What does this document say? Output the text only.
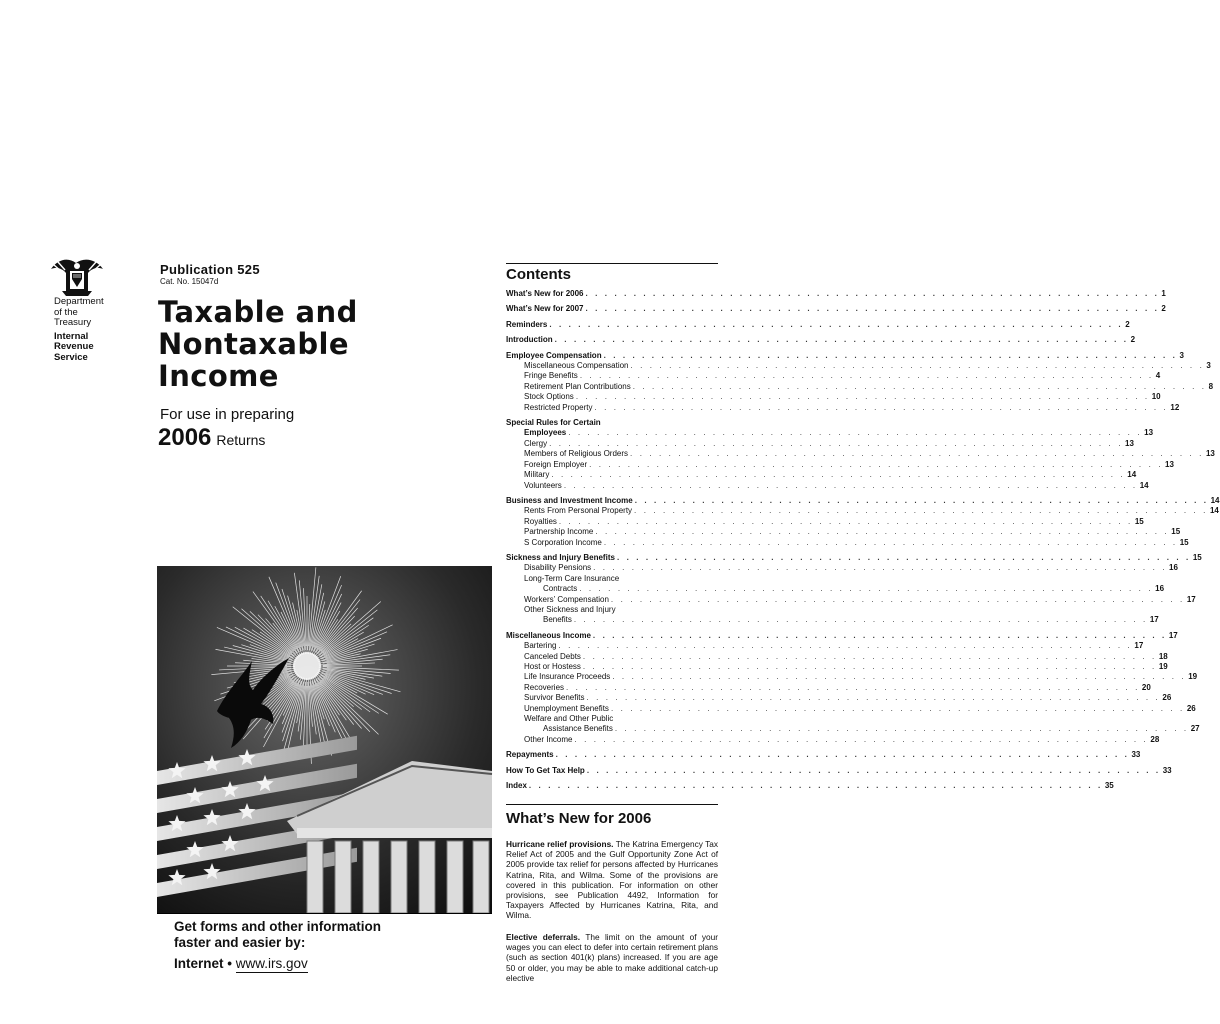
Department
of the
Treasury
Internal
Revenue
Service
Publication 525
Cat. No. 15047d
Taxable and
Nontaxable
Income
For use in preparing
2006 Returns
Get forms and other information
faster and easier by:
Internet • www.irs.gov
Contents
What’s New for 2006 . . . . . . . . . . . . . . . . . . . . . . . . . . . . . . . . . . . . . . . . . . . . . . . . . . . . . . . . . . . . 1
What’s New for 2007 . . . . . . . . . . . . . . . . . . . . . . . . . . . . . . . . . . . . . . . . . . . . . . . . . . . . . . . . . . . . 2
Reminders . . . . . . . . . . . . . . . . . . . . . . . . . . . . . . . . . . . . . . . . . . . . . . . . . . . . . . . . . . . . 2
Introduction . . . . . . . . . . . . . . . . . . . . . . . . . . . . . . . . . . . . . . . . . . . . . . . . . . . . . . . . . . . . 2
Employee Compensation . . . . . . . . . . . . . . . . . . . . . . . . . . . . . . . . . . . . . . . . . . . . . . . . . . . . . . . . . . . . 3
Miscellaneous Compensation . . . . . . . . . . . . . . . . . . . . . . . . . . . . . . . . . . . . . . . . . . . . . . . . . . . . . . . . . . . . 3
Fringe Benefits . . . . . . . . . . . . . . . . . . . . . . . . . . . . . . . . . . . . . . . . . . . . . . . . . . . . . . . . . . . . 4
Retirement Plan Contributions . . . . . . . . . . . . . . . . . . . . . . . . . . . . . . . . . . . . . . . . . . . . . . . . . . . . . . . . . . . . 8
Stock Options . . . . . . . . . . . . . . . . . . . . . . . . . . . . . . . . . . . . . . . . . . . . . . . . . . . . . . . . . . . . 10
Restricted Property . . . . . . . . . . . . . . . . . . . . . . . . . . . . . . . . . . . . . . . . . . . . . . . . . . . . . . . . . . . . 12
Special Rules for Certain
Employees . . . . . . . . . . . . . . . . . . . . . . . . . . . . . . . . . . . . . . . . . . . . . . . . . . . . . . . . . . . . 13
Clergy . . . . . . . . . . . . . . . . . . . . . . . . . . . . . . . . . . . . . . . . . . . . . . . . . . . . . . . . . . . . 13
Members of Religious Orders . . . . . . . . . . . . . . . . . . . . . . . . . . . . . . . . . . . . . . . . . . . . . . . . . . . . . . . . . . . . 13
Foreign Employer . . . . . . . . . . . . . . . . . . . . . . . . . . . . . . . . . . . . . . . . . . . . . . . . . . . . . . . . . . . . 13
Military . . . . . . . . . . . . . . . . . . . . . . . . . . . . . . . . . . . . . . . . . . . . . . . . . . . . . . . . . . . . 14
Volunteers . . . . . . . . . . . . . . . . . . . . . . . . . . . . . . . . . . . . . . . . . . . . . . . . . . . . . . . . . . . . 14
Business and Investment Income . . . . . . . . . . . . . . . . . . . . . . . . . . . . . . . . . . . . . . . . . . . . . . . . . . . . . . . . . . . . 14
Rents From Personal Property . . . . . . . . . . . . . . . . . . . . . . . . . . . . . . . . . . . . . . . . . . . . . . . . . . . . . . . . . . . . 14
Royalties . . . . . . . . . . . . . . . . . . . . . . . . . . . . . . . . . . . . . . . . . . . . . . . . . . . . . . . . . . . . 15
Partnership Income . . . . . . . . . . . . . . . . . . . . . . . . . . . . . . . . . . . . . . . . . . . . . . . . . . . . . . . . . . . . 15
S Corporation Income . . . . . . . . . . . . . . . . . . . . . . . . . . . . . . . . . . . . . . . . . . . . . . . . . . . . . . . . . . . . 15
Sickness and Injury Benefits . . . . . . . . . . . . . . . . . . . . . . . . . . . . . . . . . . . . . . . . . . . . . . . . . . . . . . . . . . . . 15
Disability Pensions . . . . . . . . . . . . . . . . . . . . . . . . . . . . . . . . . . . . . . . . . . . . . . . . . . . . . . . . . . . . 16
Long-Term Care Insurance
Contracts . . . . . . . . . . . . . . . . . . . . . . . . . . . . . . . . . . . . . . . . . . . . . . . . . . . . . . . . . . . . 16
Workers’ Compensation . . . . . . . . . . . . . . . . . . . . . . . . . . . . . . . . . . . . . . . . . . . . . . . . . . . . . . . . . . . . 17
Other Sickness and Injury
Benefits . . . . . . . . . . . . . . . . . . . . . . . . . . . . . . . . . . . . . . . . . . . . . . . . . . . . . . . . . . . . 17
Miscellaneous Income . . . . . . . . . . . . . . . . . . . . . . . . . . . . . . . . . . . . . . . . . . . . . . . . . . . . . . . . . . . . 17
Bartering . . . . . . . . . . . . . . . . . . . . . . . . . . . . . . . . . . . . . . . . . . . . . . . . . . . . . . . . . . . . 17
Canceled Debts . . . . . . . . . . . . . . . . . . . . . . . . . . . . . . . . . . . . . . . . . . . . . . . . . . . . . . . . . . . . 18
Host or Hostess . . . . . . . . . . . . . . . . . . . . . . . . . . . . . . . . . . . . . . . . . . . . . . . . . . . . . . . . . . . . 19
Life Insurance Proceeds . . . . . . . . . . . . . . . . . . . . . . . . . . . . . . . . . . . . . . . . . . . . . . . . . . . . . . . . . . . . 19
Recoveries . . . . . . . . . . . . . . . . . . . . . . . . . . . . . . . . . . . . . . . . . . . . . . . . . . . . . . . . . . . . 20
Survivor Benefits . . . . . . . . . . . . . . . . . . . . . . . . . . . . . . . . . . . . . . . . . . . . . . . . . . . . . . . . . . . . 26
Unemployment Benefits . . . . . . . . . . . . . . . . . . . . . . . . . . . . . . . . . . . . . . . . . . . . . . . . . . . . . . . . . . . . 26
Welfare and Other Public
Assistance Benefits . . . . . . . . . . . . . . . . . . . . . . . . . . . . . . . . . . . . . . . . . . . . . . . . . . . . . . . . . . . . 27
Other Income . . . . . . . . . . . . . . . . . . . . . . . . . . . . . . . . . . . . . . . . . . . . . . . . . . . . . . . . . . . . 28
Repayments . . . . . . . . . . . . . . . . . . . . . . . . . . . . . . . . . . . . . . . . . . . . . . . . . . . . . . . . . . . . 33
How To Get Tax Help . . . . . . . . . . . . . . . . . . . . . . . . . . . . . . . . . . . . . . . . . . . . . . . . . . . . . . . . . . . . 33
Index . . . . . . . . . . . . . . . . . . . . . . . . . . . . . . . . . . . . . . . . . . . . . . . . . . . . . . . . . . . . 35
What’s New for 2006
Hurricane relief provisions. The Katrina Emergency Tax Relief Act of 2005 and the Gulf Opportunity Zone Act of 2005 provide tax relief for persons affected by Hurricanes Katrina, Rita, and Wilma. Some of the provisions are covered in this publication. For information on other provisions, see Publication 4492, Information for Taxpayers Affected by Hurricanes Katrina, Rita, and Wilma.
Elective deferrals. The limit on the amount of your wages you can elect to defer into certain retirement plans (such as section 401(k) plans) increased. If you are age 50 or older, you may be able to make additional catch-up elective
